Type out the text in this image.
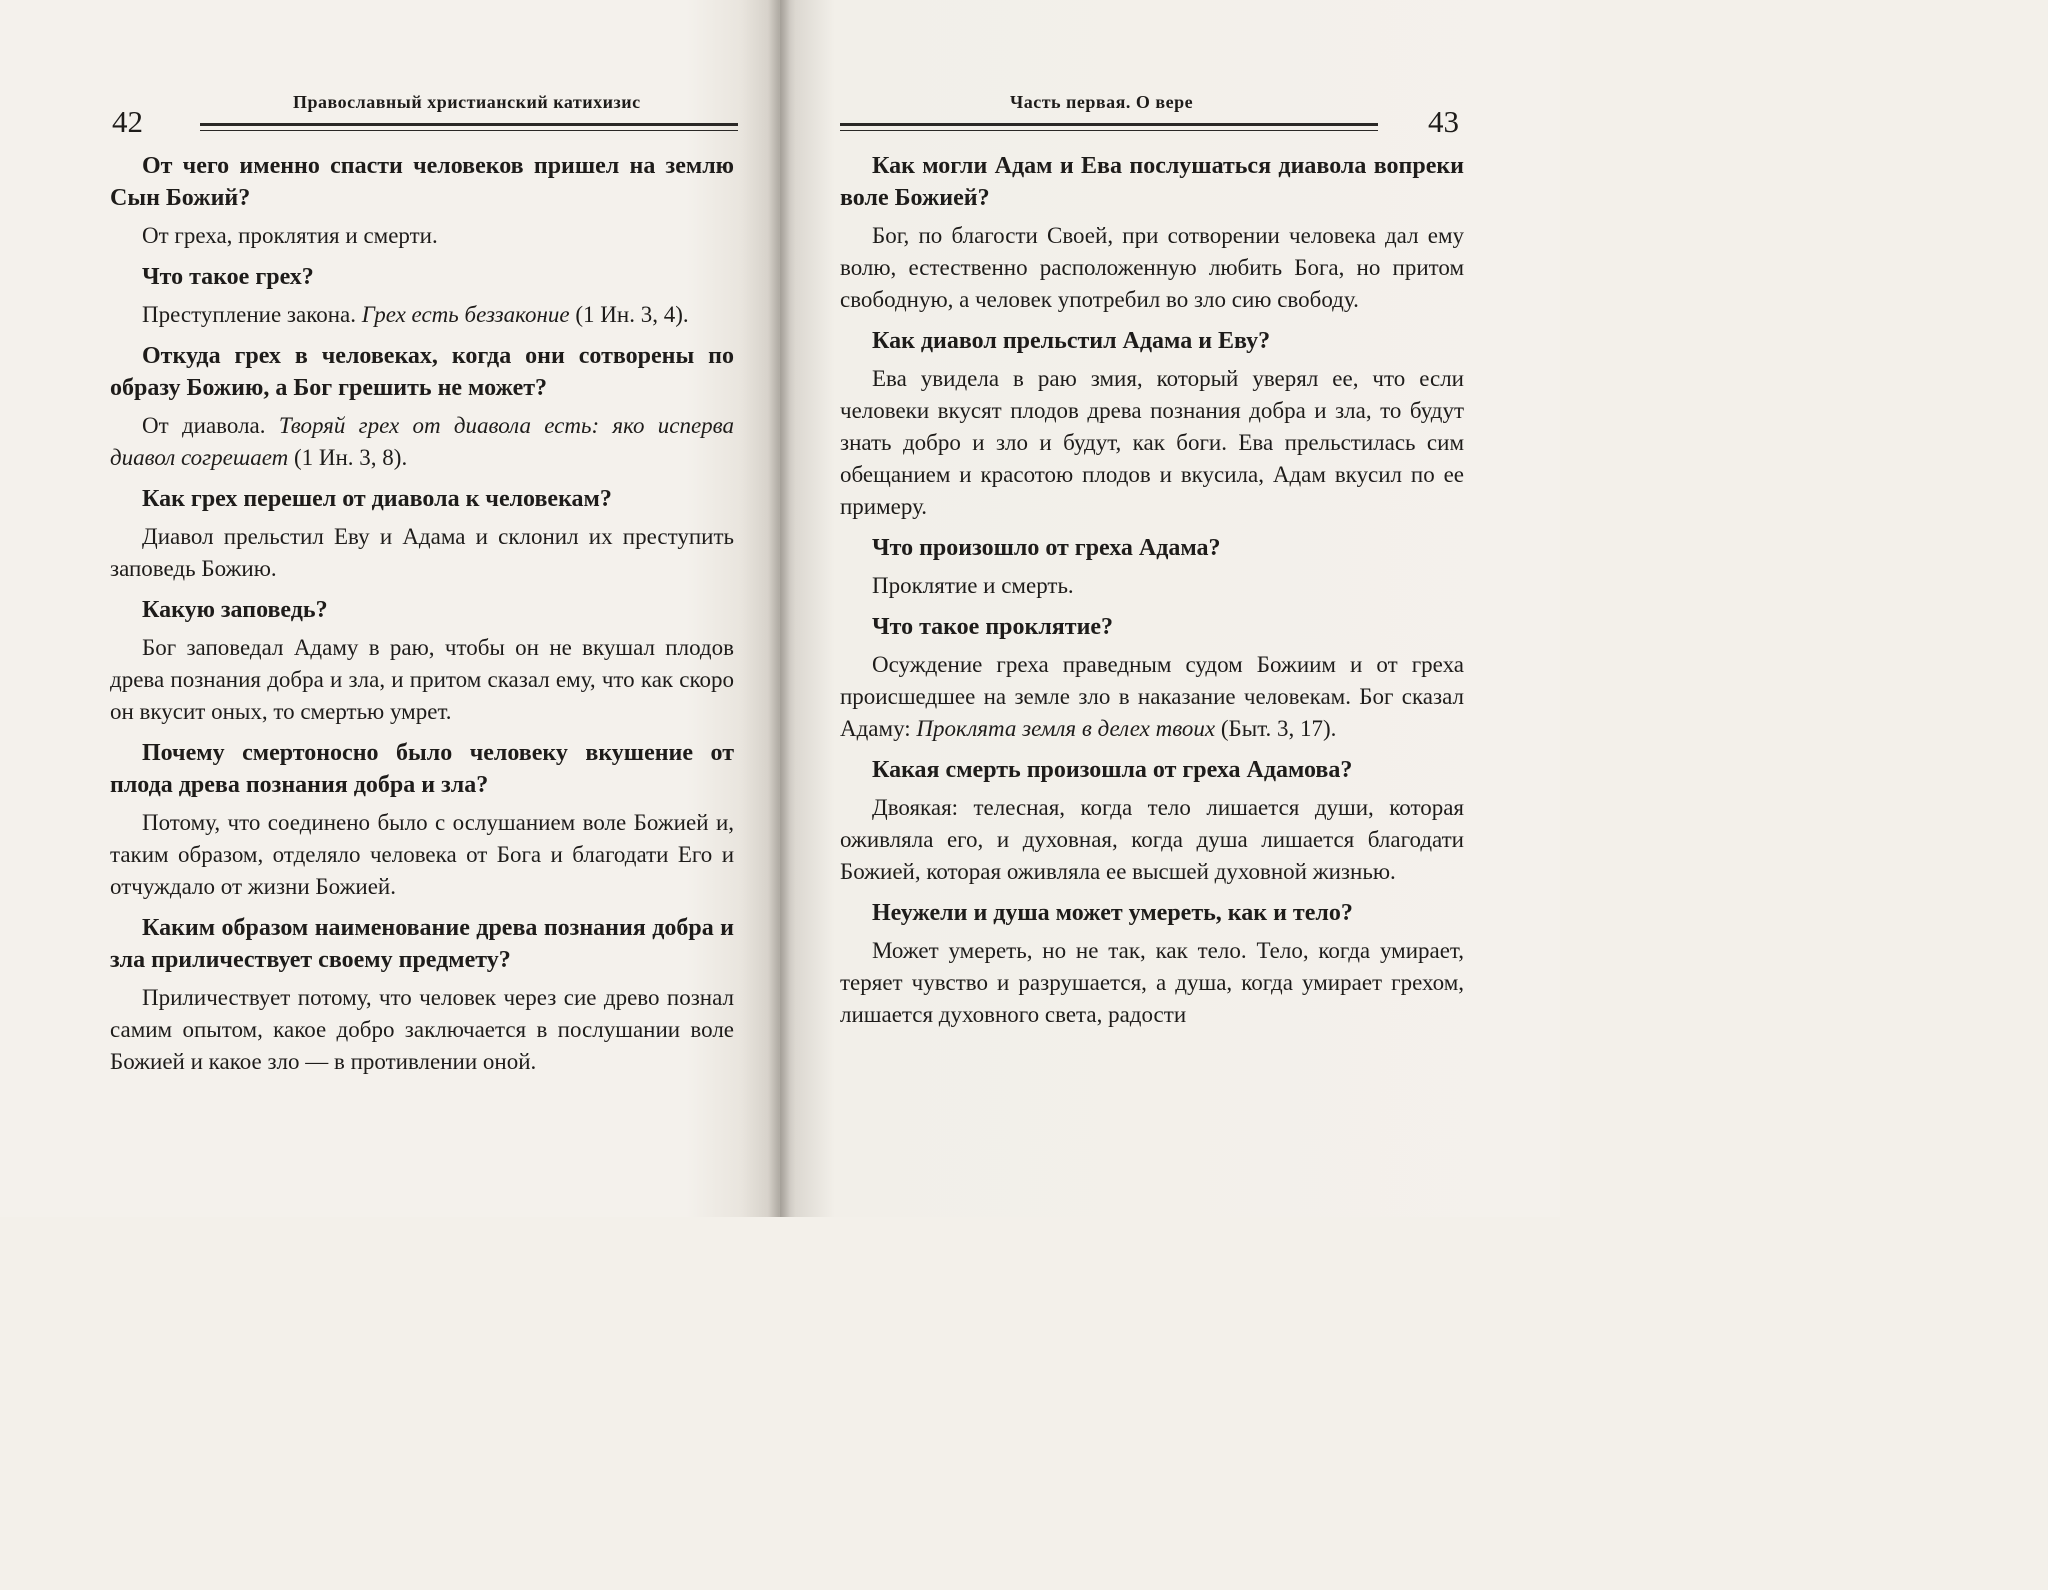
42
Православный христианский катихизис

От чего именно спасти человеков пришел на землю Сын Божий?

От греха, проклятия и смерти.

Что такое грех?

Преступление закона. Грех есть беззаконие (1 Ин. 3, 4).

Откуда грех в человеках, когда они сотворены по образу Божию, а Бог грешить не может?

От диавола. Творяй грех от диавола есть: яко исперва диавол согрешает (1 Ин. 3, 8).

Как грех перешел от диавола к человекам?

Диавол прельстил Еву и Адама и склонил их преступить заповедь Божию.

Какую заповедь?

Бог заповедал Адаму в раю, чтобы он не вкушал плодов древа познания добра и зла, и притом сказал ему, что как скоро он вкусит оных, то смертью умрет.

Почему смертоносно было человеку вкушение от плода древа познания добра и зла?

Потому, что соединено было с ослушанием воле Божией и, таким образом, отделяло человека от Бога и благодати Его и отчуждало от жизни Божией.

Каким образом наименование древа познания добра и зла приличествует своему предмету?

Приличествует потому, что человек через сие древо познал самим опытом, какое добро заключается в послушании воле Божией и какое зло — в противлении оной.

Часть первая. О вере
43

Как могли Адам и Ева послушаться диавола вопреки воле Божией?

Бог, по благости Своей, при сотворении человека дал ему волю, естественно расположенную любить Бога, но притом свободную, а человек употребил во зло сию свободу.

Как диавол прельстил Адама и Еву?

Ева увидела в раю змия, который уверял ее, что если человеки вкусят плодов древа познания добра и зла, то будут знать добро и зло и будут, как боги. Ева прельстилась сим обещанием и красотою плодов и вкусила, Адам вкусил по ее примеру.

Что произошло от греха Адама?

Проклятие и смерть.

Что такое проклятие?

Осуждение греха праведным судом Божиим и от греха происшедшее на земле зло в наказание человекам. Бог сказал Адаму: Проклята земля в делех твоих (Быт. 3, 17).

Какая смерть произошла от греха Адамова?

Двоякая: телесная, когда тело лишается души, которая оживляла его, и духовная, когда душа лишается благодати Божией, которая оживляла ее высшей духовной жизнью.

Неужели и душа может умереть, как и тело?

Может умереть, но не так, как тело. Тело, когда умирает, теряет чувство и разрушается, а душа, когда умирает грехом, лишается духовного света, радости
